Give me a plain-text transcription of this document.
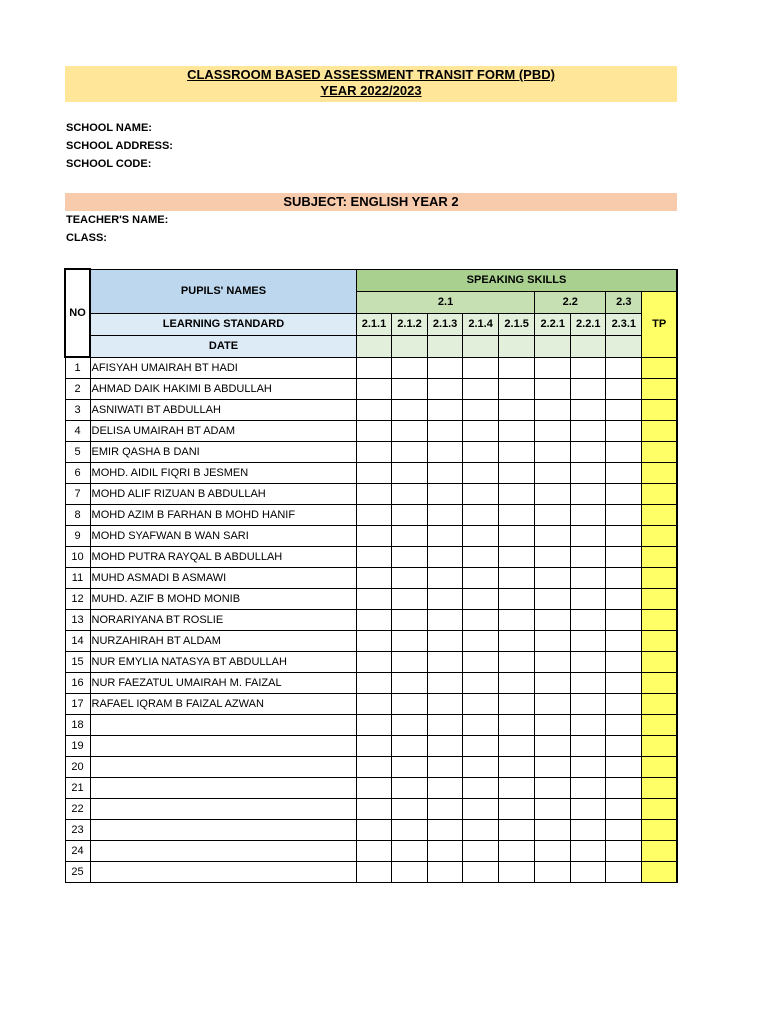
CLASSROOM BASED ASSESSMENT TRANSIT FORM (PBD)
YEAR 2022/2023
SCHOOL NAME:
SCHOOL ADDRESS:
SCHOOL CODE:
SUBJECT: ENGLISH YEAR 2
TEACHER'S NAME:
CLASS:
NO	PUPILS' NAMES	SPEAKING SKILLS								
		2.1					2.2		2.3	TP
	LEARNING STANDARD	2.1.1	2.1.2	2.1.3	2.1.4	2.1.5	2.2.1	2.2.1	2.3.1	
	DATE									
1	AFISYAH UMAIRAH BT HADI									
2	AHMAD DAIK HAKIMI B ABDULLAH									
3	ASNIWATI BT ABDULLAH									
4	DELISA UMAIRAH BT ADAM									
5	EMIR QASHA B DANI									
6	MOHD. AIDIL FIQRI B JESMEN									
7	MOHD ALIF RIZUAN B ABDULLAH									
8	MOHD AZIM B FARHAN B MOHD HANIF									
9	MOHD SYAFWAN B WAN SARI									
10	MOHD PUTRA RAYQAL B ABDULLAH									
11	MUHD ASMADI B ASMAWI									
12	MUHD. AZIF B MOHD MONIB									
13	NORARIYANA BT ROSLIE									
14	NURZAHIRAH BT ALDAM									
15	NUR EMYLIA NATASYA BT ABDULLAH									
16	NUR FAEZATUL UMAIRAH M. FAIZAL									
17	RAFAEL IQRAM B FAIZAL AZWAN									
18										
19										
20										
21										
22										
23										
24										
25										
